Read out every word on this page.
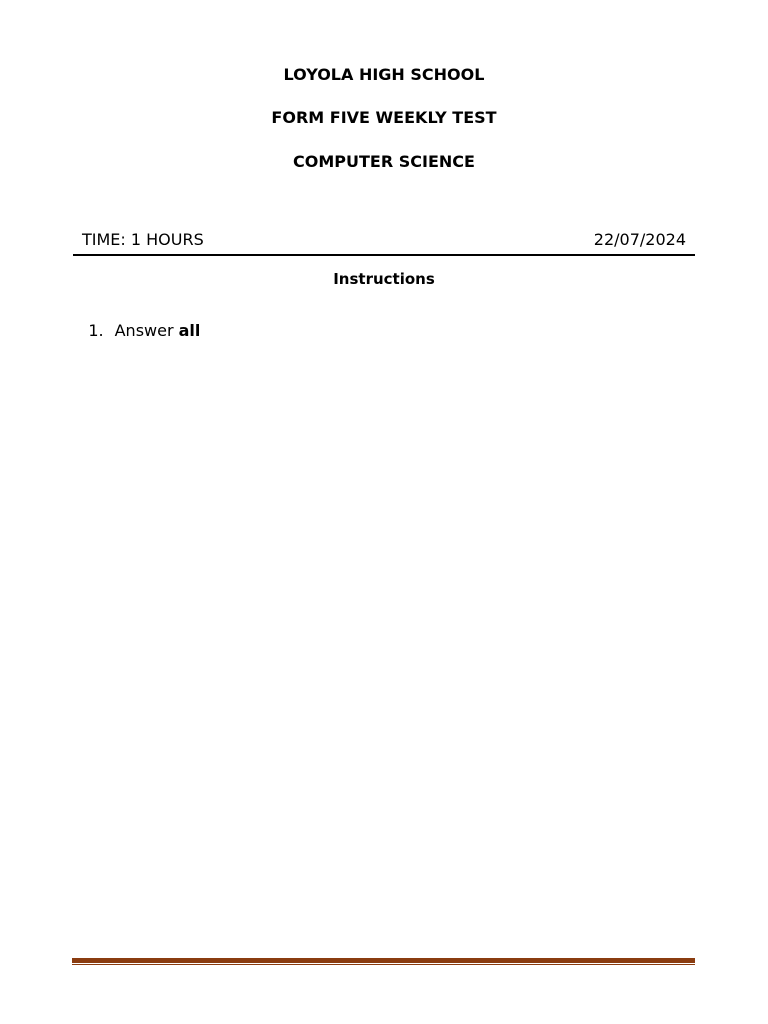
LOYOLA HIGH SCHOOL
FORM FIVE WEEKLY TEST
COMPUTER SCIENCE
TIME: 1 HOURS	22/07/2024
Instructions

1. Answer all
